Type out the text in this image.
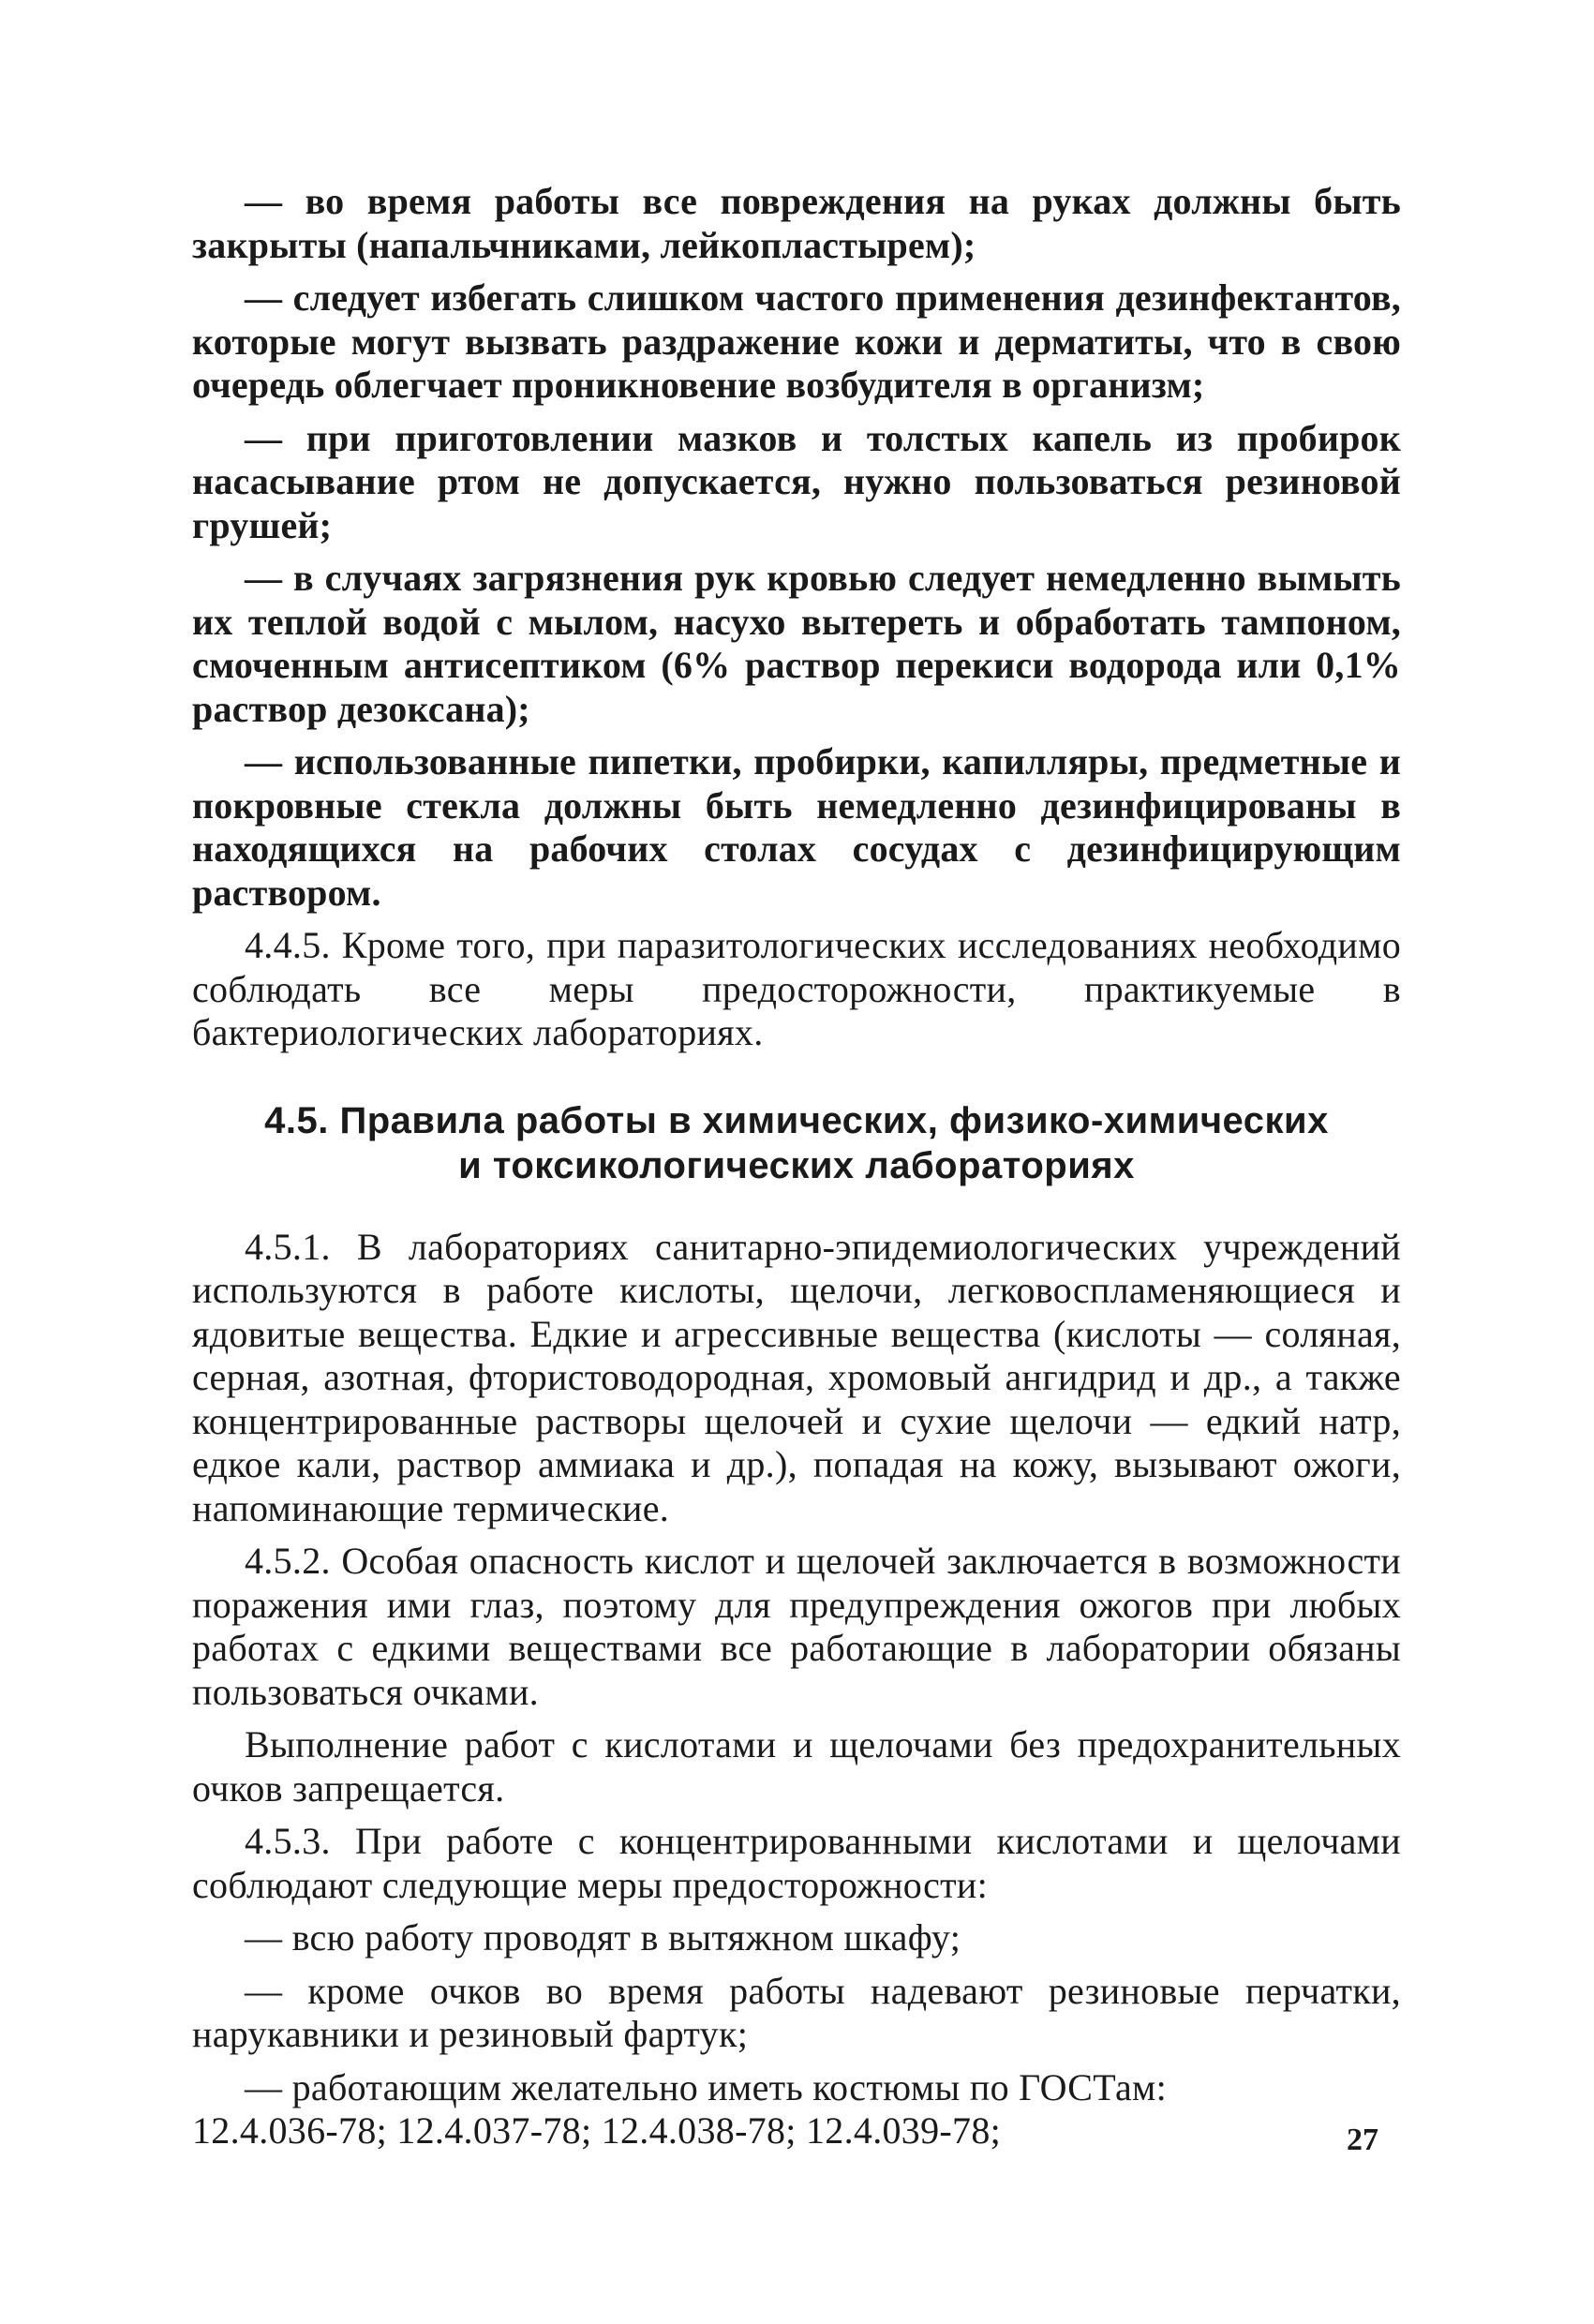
— во время работы все повреждения на руках должны быть закрыты (напальчниками, лейкопластырем);

— следует избегать слишком частого применения дезинфектантов, которые могут вызвать раздражение кожи и дерматиты, что в свою очередь облегчает проникновение возбудителя в организм;

— при приготовлении мазков и толстых капель из пробирок насасывание ртом не допускается, нужно пользоваться резиновой грушей;

— в случаях загрязнения рук кровью следует немедленно вымыть их теплой водой с мылом, насухо вытереть и обработать тампоном, смоченным антисептиком (6% раствор перекиси водорода или 0,1% раствор дезоксана);

— использованные пипетки, пробирки, капилляры, предметные и покровные стекла должны быть немедленно дезинфицированы в находящихся на рабочих столах сосудах с дезинфицирующим раствором.

4.4.5. Кроме того, при паразитологических исследованиях необходимо соблюдать все меры предосторожности, практикуемые в бактериологических лабораториях.

4.5. Правила работы в химических, физико-химических
и токсикологических лабораториях

4.5.1. В лабораториях санитарно-эпидемиологических учреждений используются в работе кислоты, щелочи, легковоспламеняющиеся и ядовитые вещества. Едкие и агрессивные вещества (кислоты — соляная, серная, азотная, фтористоводородная, хромовый ангидрид и др., а также концентрированные растворы щелочей и сухие щелочи — едкий натр, едкое кали, раствор аммиака и др.), попадая на кожу, вызывают ожоги, напоминающие термические.

4.5.2. Особая опасность кислот и щелочей заключается в возможности поражения ими глаз, поэтому для предупреждения ожогов при любых работах с едкими веществами все работающие в лаборатории обязаны пользоваться очками.

Выполнение работ с кислотами и щелочами без предохранительных очков запрещается.

4.5.3. При работе с концентрированными кислотами и щелочами соблюдают следующие меры предосторожности:

— всю работу проводят в вытяжном шкафу;

— кроме очков во время работы надевают резиновые перчатки, нарукавники и резиновый фартук;

— работающим желательно иметь костюмы по ГОСТам:

12.4.036-78; 12.4.037-78; 12.4.038-78; 12.4.039-78;	27
